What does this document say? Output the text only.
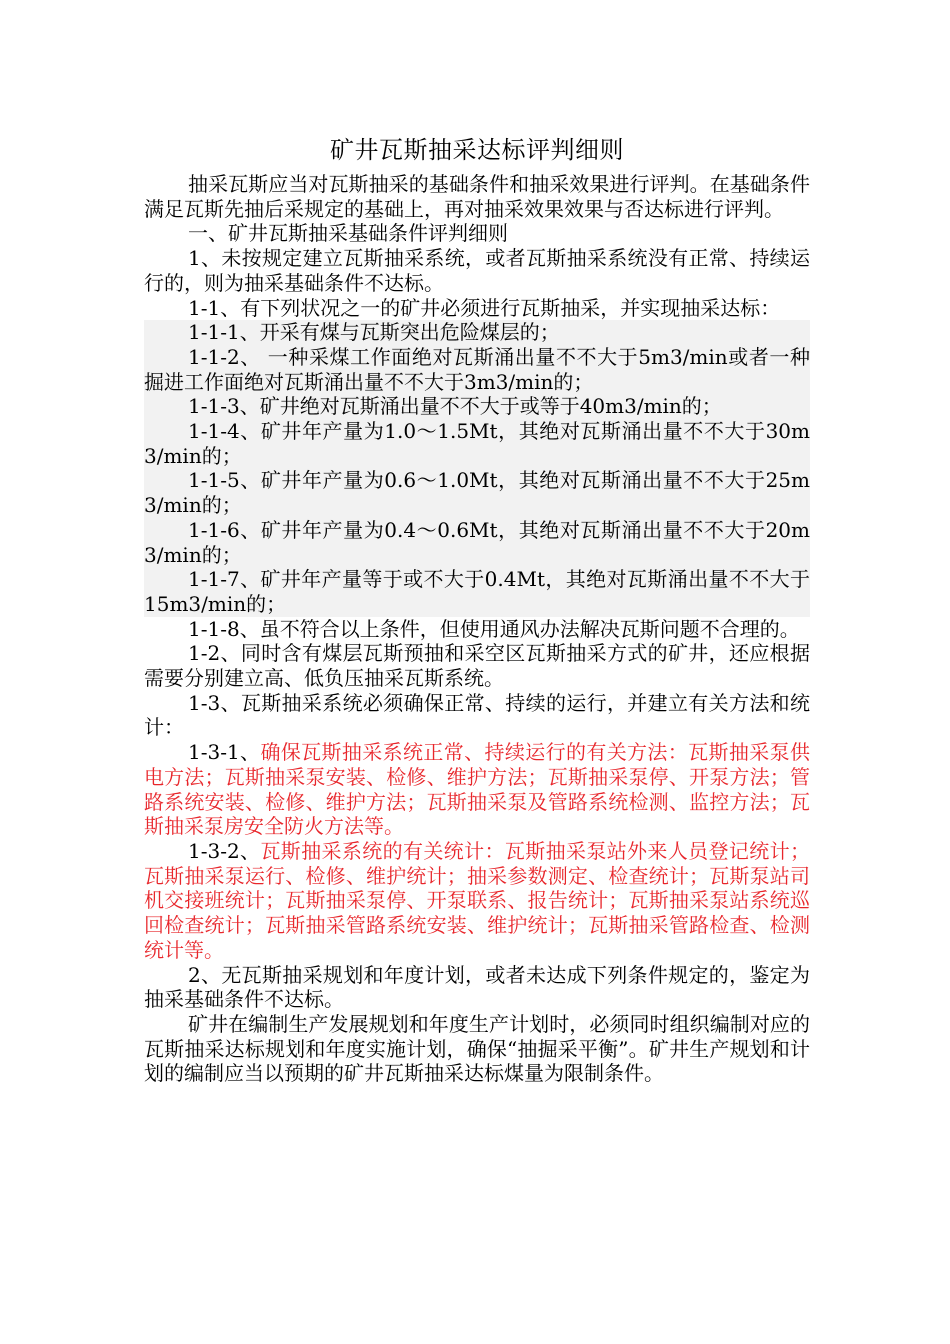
矿井瓦斯抽采达标评判细则

抽采瓦斯应当对瓦斯抽采的基础条件和抽采效果进行评判。在基础条件满足瓦斯先抽后采规定的基础上，再对抽采效果效果与否达标进行评判。

一、矿井瓦斯抽采基础条件评判细则

1、未按规定建立瓦斯抽采系统，或者瓦斯抽采系统没有正常、持续运行的，则为抽采基础条件不达标。

1-1、有下列状况之一的矿井必须进行瓦斯抽采，并实现抽采达标：

1-1-1、开采有煤与瓦斯突出危险煤层的；

1-1-2、 一种采煤工作面绝对瓦斯涌出量不不大于5m3/min或者一种掘进工作面绝对瓦斯涌出量不不大于3m3/min的；

1-1-3、矿井绝对瓦斯涌出量不不大于或等于40m3/min的；

1-1-4、矿井年产量为1.0～1.5Mt，其绝对瓦斯涌出量不不大于30m3/min的；

1-1-5、矿井年产量为0.6～1.0Mt，其绝对瓦斯涌出量不不大于25m3/min的；

1-1-6、矿井年产量为0.4～0.6Mt，其绝对瓦斯涌出量不不大于20m3/min的；

1-1-7、矿井年产量等于或不大于0.4Mt，其绝对瓦斯涌出量不不大于15m3/min的；

1-1-8、虽不符合以上条件，但使用通风办法解决瓦斯问题不合理的。

1-2、同时含有煤层瓦斯预抽和采空区瓦斯抽采方式的矿井，还应根据需要分别建立高、低负压抽采瓦斯系统。

1-3、瓦斯抽采系统必须确保正常、持续的运行，并建立有关方法和统计：

1-3-1、确保瓦斯抽采系统正常、持续运行的有关方法：瓦斯抽采泵供电方法；瓦斯抽采泵安装、检修、维护方法；瓦斯抽采泵停、开泵方法；管路系统安装、检修、维护方法；瓦斯抽采泵及管路系统检测、监控方法；瓦斯抽采泵房安全防火方法等。

1-3-2、瓦斯抽采系统的有关统计：瓦斯抽采泵站外来人员登记统计；瓦斯抽采泵运行、检修、维护统计；抽采参数测定、检查统计；瓦斯泵站司机交接班统计；瓦斯抽采泵停、开泵联系、报告统计；瓦斯抽采泵站系统巡回检查统计；瓦斯抽采管路系统安装、维护统计；瓦斯抽采管路检查、检测统计等。

2、无瓦斯抽采规划和年度计划，或者未达成下列条件规定的，鉴定为抽采基础条件不达标。

矿井在编制生产发展规划和年度生产计划时，必须同时组织编制对应的瓦斯抽采达标规划和年度实施计划，确保“抽掘采平衡”。矿井生产规划和计划的编制应当以预期的矿井瓦斯抽采达标煤量为限制条件。
